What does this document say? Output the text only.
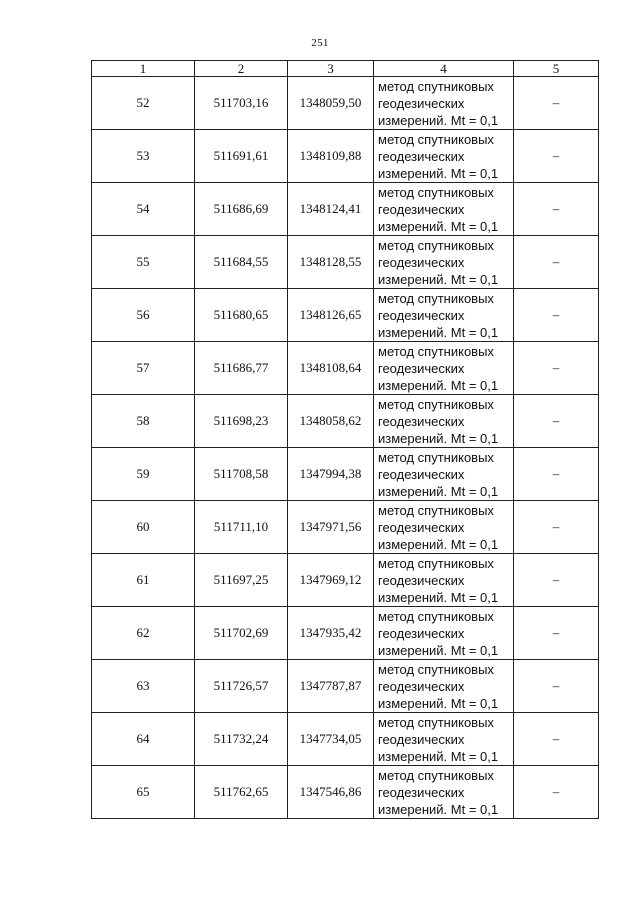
251
1	2	3	4	5
52	511703,16	1348059,50	метод спутниковых
геодезических
измерений. Mt = 0,1	–
53	511691,61	1348109,88	метод спутниковых
геодезических
измерений. Mt = 0,1	–
54	511686,69	1348124,41	метод спутниковых
геодезических
измерений. Mt = 0,1	–
55	511684,55	1348128,55	метод спутниковых
геодезических
измерений. Mt = 0,1	–
56	511680,65	1348126,65	метод спутниковых
геодезических
измерений. Mt = 0,1	–
57	511686,77	1348108,64	метод спутниковых
геодезических
измерений. Mt = 0,1	–
58	511698,23	1348058,62	метод спутниковых
геодезических
измерений. Mt = 0,1	–
59	511708,58	1347994,38	метод спутниковых
геодезических
измерений. Mt = 0,1	–
60	511711,10	1347971,56	метод спутниковых
геодезических
измерений. Mt = 0,1	–
61	511697,25	1347969,12	метод спутниковых
геодезических
измерений. Mt = 0,1	–
62	511702,69	1347935,42	метод спутниковых
геодезических
измерений. Mt = 0,1	–
63	511726,57	1347787,87	метод спутниковых
геодезических
измерений. Mt = 0,1	–
64	511732,24	1347734,05	метод спутниковых
геодезических
измерений. Mt = 0,1	–
65	511762,65	1347546,86	метод спутниковых
геодезических
измерений. Mt = 0,1	–
